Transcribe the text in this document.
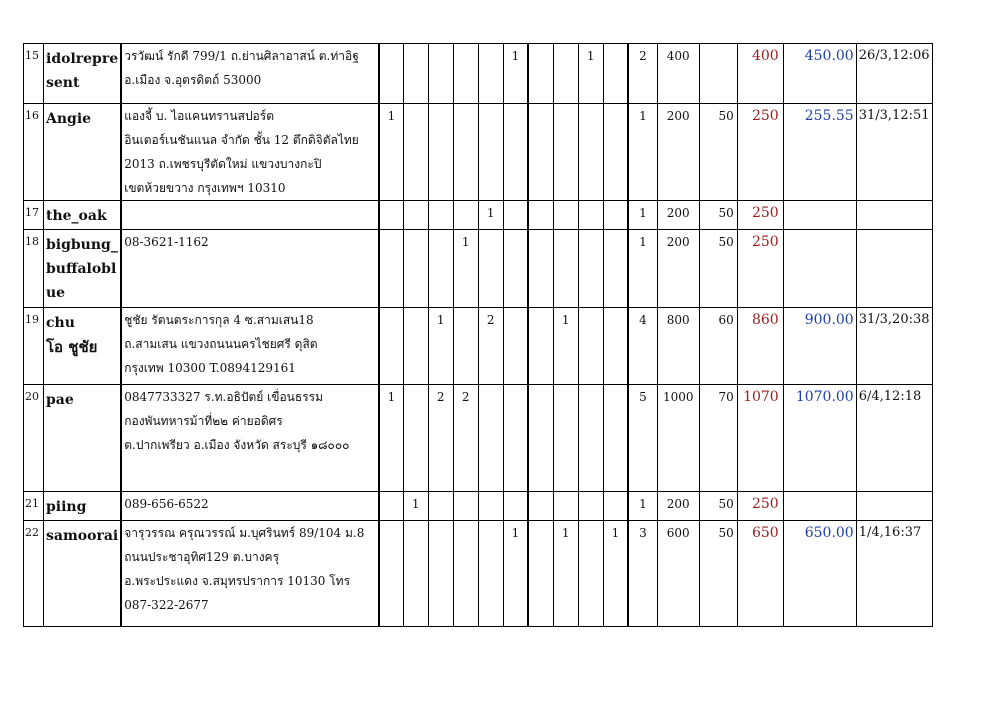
15	idolrepre
sent	วรวัฒน์ รักดี 799/1 ถ.ย่านศิลาอาสน์ ต.ท่าอิฐ
อ.เมือง จ.อุตรดิตถ์ 53000						1			1		2	400		400	450.00	26/3,12:06
16	Angie	แองจี้ บ. ไอแคนทรานสปอร์ต
อินเตอร์เนชันแนล จำกัด ชั้น 12 ตึกดิจิตัลไทย
2013 ถ.เพชรบุรีตัดใหม่ แขวงบางกะปิ
เขตห้วยขวาง กรุงเทพฯ 10310	1										1	200	50	250	255.55	31/3,12:51
17	the_oak						1						1	200	50	250		
18	bigbung_
buffalobl
ue	08-3621-1162				1							1	200	50	250		
19	chu
โอ ชูชัย	ชูชัย รัตนตระการกุล 4 ซ.สามเสน18
ถ.สามเสน แขวงถนนนครไชยศรี ดุสิต
กรุงเทพ 10300 T.0894129161			1		2			1			4	800	60	860	900.00	31/3,20:38
20	pae	0847733327 ร.ท.อธิปัตย์ เขื่อนธรรม
กองพันทหารม้าที่๒๒ ค่ายอดิศร
ต.ปากเพรียว อ.เมือง จังหวัด สระบุรี ๑๘๐๐๐	1		2	2							5	1000	70	1070	1070.00	6/4,12:18
21	piing	089-656-6522		1									1	200	50	250		
22	samoorai	จารุวรรณ ครุณวรรณ์ ม.บุศรินทร์ 89/104 ม.8
ถนนประชาอุทิศ129 ต.บางครุ
อ.พระประแดง จ.สมุทรปราการ 10130 โทร
087-322-2677						1		1		1	3	600	50	650	650.00	1/4,16:37
